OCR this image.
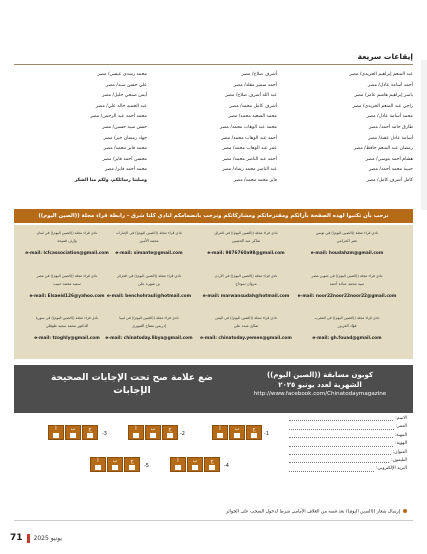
إيقاعات سريعة
عبد المنعم إبراهيم الجريدي/ مصر
أحمد أسامة عادل/ مصر
ياسر إبراهيم هاشم عامر/ مصر
راجي عبد المنعم الجريدي/ مصر
محمد أسامة عادل/ مصر
طارق حامد أحمد/ مصر
أسامة عادل عقبة/ مصر
رمضان عبد المنعم حافظ/ مصر
هشام أحمد موسى/ مصر
حبيبة محمد أحمد/ مصر
كامل أشرف كامل/ مصر
أشرف صلاح/ مصر
أحمد سمير مقلد/ مصر
عبد الله أشرف صلاح/ مصر
أشرف كامل محمد/ مصر
محمد السعيد محمد/ مصر
محمد عبد الوهاب محمد/ مصر
أحمد عبد الوهاب محمد/ مصر
عمر عبد الوهاب محمد/ مصر
أحمد عبد الناصر محمد/ مصر
عبد الناصر محمد رشاد/ مصر
فايز محمد محمد/ مصر
محمد رشدي عيسى/ مصر
علي حسن سيد/ مصر
أيمن صبحي خليل/ مصر
عبد الحميد خالد علي/ مصر
محمد أحمد عبد الرحمن/ مصر
حسن سيد حسين/ مصر
جهاد رمضان خير/ مصر
محمد فايز محمد/ مصر
محسن أحمد فايز/ مصر
محمد أحمد فايز/ مصر
وصلتنا رسائلكم، ولكم منا الشكر
نرحب بأن تكتبوا لهذه الصفحة بآرائكم ومقترحاتكم ومشاركاتكم ونرحب بانضمامكم لنادي كلنا شرق - رابطة قراء مجلة ((الصين اليوم))
نادي قراء مجلة ((الصين اليوم)) في تونس
عمر الحرامي
e-mail: houdahzm@gmail.com
نادي قراء مجلة ((الصين اليوم)) في العراق
شاكر عبد الحسين
e-mail: 9876760a98@gmail.com
نادي قراء مجلة ((الصين اليوم)) في الإمارات
محمد الأمين
e-mail: ximante@gmail.com
نادي قراء مجلة ((الصين اليوم)) في لبنان
وارف قميحة
e-mail: lcfcassociation@gmail.com
نادي قراء مجلة ((الصين اليوم)) في جنوبي مصر
سيد محمد عبادة أحمد
e-mail: noor22noor22noor22@gmail.com
نادي قراء مجلة ((الصين اليوم)) في الأردن
مروان سوداح
e-mail: marwansudah@hotmail.com
نادي قراء مجلة ((الصين اليوم)) في الجزائر
بن شهرة علي
e-mail: benchohrauli@hotmail.com
نادي قراء مجلة ((الصين اليوم)) في مصر
سعيد محمد حبيب
e-mail: Elsaeid126@yahoo.com
نادي قراء مجلة ((الصين اليوم)) في المغرب
فؤاد الغزيزر
e-mail: gh.fouad@gmail.com
نادي قراء مجلة ((الصين اليوم)) في اليمن
صالح عبده علي
e-mail: chinatoday.yemen@gmail.com
نادي قراء مجلة ((الصين اليوم)) في ليبيا
إدريس مفتاح القبوري
e-mail: chinatoday.libya@gmail.com
نادي قراء مجلة ((الصين اليوم)) في سوريا
الدكتور محمد سعيد طوقلي
e-mail: tzoghly@gmail.com
كوبون مسابقة ((الصين اليوم))
الشهرية لعدد يونيو ٢٠٢٥
http://www.facebook.com/Chinatodaymagazine
ضع علامة صح تحت الإجابات الصحيحة
الإجابات
الاسم:
العمر:
المهنة:
الهوية:
العنوان:
التليفون:
البريد الإلكتروني:
-1
أ	ب	ج
-2
أ	ب	ج
-3
أ	ب	ج
-4
أ	ب	ج
-5
أ	ب	ج
إرسال شعار ((الصين اليوم)) بعد قصه من الغلاف الأمامي شرط لدخول السحب على الجوائز
71 يونيو 2025
